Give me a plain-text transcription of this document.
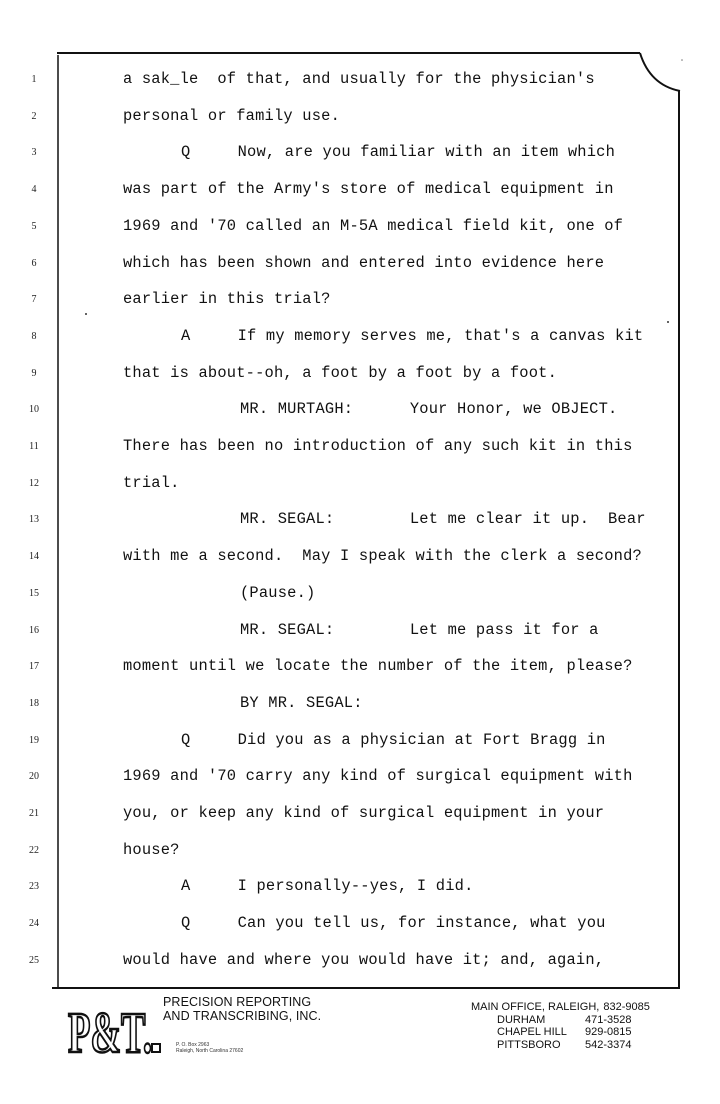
1	a sak_le  of that, and usually for the physician's
2	personal or family use.
3	Q     Now, are you familiar with an item which
4	was part of the Army's store of medical equipment in
5	1969 and '70 called an M-5A medical field kit, one of
6	which has been shown and entered into evidence here
7	earlier in this trial?
8	A     If my memory serves me, that's a canvas kit
9	that is about--oh, a foot by a foot by a foot.
10	MR. MURTAGH:      Your Honor, we OBJECT.
11	There has been no introduction of any such kit in this
12	trial.
13	MR. SEGAL:        Let me clear it up.  Bear
14	with me a second.  May I speak with the clerk a second?
15	(Pause.)
16	MR. SEGAL:        Let me pass it for a
17	moment until we locate the number of the item, please?
18	BY MR. SEGAL:
19	Q     Did you as a physician at Fort Bragg in
20	1969 and '70 carry any kind of surgical equipment with
21	you, or keep any kind of surgical equipment in your
22	house?
23	A     I personally--yes, I did.
24	Q     Can you tell us, for instance, what you
25	would have and where you would have it; and, again,
P&T. PRECISION REPORTING
AND TRANSCRIBING, INC.
P. O. Box 2963
Raleigh, North Carolina 27602
MAIN OFFICE, RALEIGH, 832-9085
DURHAM	471-3528
CHAPEL HILL	929-0815
PITTSBORO	542-3374
